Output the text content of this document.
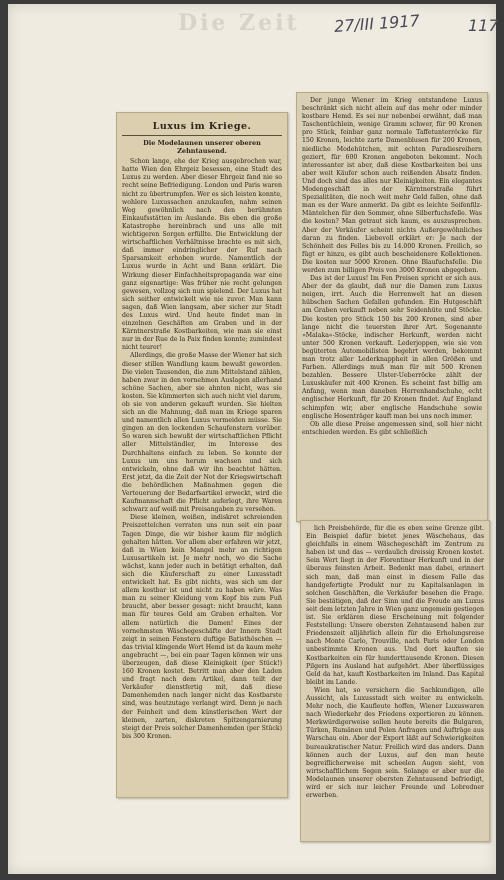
Die Zeit 27/III 1917	117
Luxus im Kriege.
Die Modelaunen unserer oberen Zehntausend.

Schon lange, ehe der Krieg ausgebrochen war, hatte Wien den Ehrgeiz besessen, eine Stadt des Luxus zu werden. Aber dieser Ehrgeiz fand nie so recht seine Befriedigung. London und Paris waren nicht zu übertrumpfen. Wer es sich leisten konnte, wohlere Luxussachen anzukaufen, nahm seinen Weg gewöhnlich nach den berühmten Einkaufsstätten im Auslande. Bis eben die große Katastrophe hereinbrach und uns alle mit wichtigeren Sorgen erfüllte. Die Entwicklung der wirtschaftlichen Verhältnisse brachte es mit sich, daß immer eindringlicher der Ruf nach Sparsamkeit erhoben wurde. Namentlich der Luxus wurde in Acht und Bann erklärt. Die Wirkung dieser Einfachheitspropaganda war eine ganz eigenartige: Was früher nie recht gelungen gewesen, vollzog sich nun spielend. Der Luxus hat sich seither entwickelt wie nie zuvor. Man kann sagen, daß Wien langsam, aber sicher zur Stadt des Luxus wird. Und heute findet man in einzelnen Geschäften am Graben und in der Kärntnerstraße Kostbarkeiten, wie man sie einst nur in der Rue de la Paix finden konnte; zumindest nicht teurer!

Allerdings, die große Masse der Wiener hat sich dieser stillen Wandlung kaum bewußt geworden. Die vielen Tausenden, die zum Mittelstand zählen, haben zwar in den vornehmen Auslagen allerhand schöne Sachen, aber sie ahnten nicht, was sie kosten. Sie kümmerten sich auch nicht viel darum, ob sie von anderen gekauft wurden. Sie hielten sich an die Mahnung, daß man im Kriege sparen und namentlich allen Luxus vermeiden müsse. Sie gingen an den lockenden Schaufenstern vorüber. So waren sich bewußt der wirtschaftlichen Pflicht aller Mittelständler, im Interesse des Durchhaltens einfach zu leben. So konnte der Luxus um uns herum wachsen und sich entwickeln, ohne daß wir ihn beachtet hätten. Erst jetzt, da die Zeit der Not der Kriegswirtschaft die behördlichen Maßnahmen gegen die Verteuerung der Bedarfsartikel erweckt, wird die Kaufmannschaft die Pflicht auferlegt, ihre Waren schwarz auf weiß mit Preisangaben zu versehen.

Diese kleinen, weißen, indiskret schreienden Preiszettelchen verraten uns nun seit ein paar Tagen Dinge, die wir bisher kaum für möglich gehalten hätten. Vor allem aber erfahren wir jetzt, daß in Wien kein Mangel mehr an richtigen Luxusartikeln ist. Je mehr noch, wo die Sache wächst, kann jeder auch in betätigt erhalten, daß sich die Käuferschaft zu einer Luxusstadt entwickelt hat. Es gibt nichts, was sich um der allem kostbar ist und nicht zu haben wäre. Was man zu seiner Kleidung vom Kopf bis zum Fuß braucht, aber besser gesagt: nicht braucht, kann man für teures Geld am Graben erhalten. Vor allem natürlich die Damen! Eines der vornehmsten Wäschegeschäfte der Innern Stadt zeigt in seinen Fenstern duftige Batisthöschen — das trivial klingende Wort Hemd ist da kaum mehr angebracht —, bei ein paar Tagen können wir uns überzeugen, daß diese Kleinigkeit (per Stück!) 160 Kronen kostet. Betritt man aber den Laden und fragt nach dem Artikel, dann teilt der Verkäufer dienstfertig mit, daß diese Damenhemden nach langer nicht das Kostbarste sind, was heutzutage verlangt wird. Denn je nach der Feinheit und dem künstlerischen Wert der kleinen, zarten, diskreten Spitzengarnierung steigt der Preis solcher Damenhemden (per Stück) bis 300 Kronen.

Der junge Wiener im Krieg entstandene Luxus beschränkt sich nicht allein auf das mehr oder minder kostbare Hemd. Es sei nur nebenbei erwähnt, daß man Taschentüchlein, wenige Gramm schwer, für 90 Kronen pro Stück, feinbar ganz normale Taffetunterröcke für 150 Kronen, leichte zarte Damenblusen für 200 Kronen, niedliche Modehütchen, mit echten Paradiesreihern geziert, für 600 Kronen angeboten bekommt. Noch interessanter ist aber, daß diese Kostbarkeiten bei uns aber weit Käufer schon auch reißenden Absatz finden. Und doch sind das alles nur Kleinigkeiten. Ein elegantes Modengeschäft in der Kärntnerstraße führt Spezialitäten, die noch weit mehr Geld fallen, ohne daß man es der Ware anmerkt. Da gibt es leichte Seifenfilz-Mäntelchen für den Sommer, ohne Silberfuchsfelle. Was die kosten? Man getraut sich kaum, es auszusprechen. Aber der Verkäufer scheint nichts Außergewöhnliches daran zu finden. Liebevoll erklärt er: Je nach der Schönheit des Felles bis zu 14.000 Kronen. Freilich, so fügt er hinzu, es gibt auch bescheidenere Kollektionen. Die kosten nur 5000 Kronen. Ohne Blaufuchsfelle. Die werden zum billigen Preis von 3000 Kronen abgegeben.

Das ist der Luxus! Im Fen Preisen spricht er sich aus. Aber der da glaubt, daß nur die Damen zum Luxus neigen, irrt. Auch die Herrenwelt hat an diesen hübschen Sachen Gefallen gefunden. Ein Hutgeschäft am Graben verkauft neben sehr Seidenhüte und Stöcke. Die kosten pro Stück 150 bis 200 Kronen, sind aber lange nicht die teuersten ihrer Art. Sogenannte »Malaka«-Stöcke, indischer Herkunft, werden nicht unter 500 Kronen verkauft. Lederjoppen, wie sie von begüterten Automobilisten begehrt werden, bekommt man trotz aller Lederknappheit in allen Größen und Farben. Allerdings muß man für mit 500 Kronen bezahlen. Bessere Ulster-Ueberröcke zählt der Luxuskäufer mit 400 Kronen. Es scheint fast billig am Anfang, wenn man daneben Herrenhandschuhe, echt englischer Herkunft, für 20 Kronen findet. Auf England schimpfen wir, aber englische Handschuhe sowie englische Hosenträger kauft man bei uns noch immer.

Ob alle diese Preise angemessen sind, soll hier nicht entschieden werden. Es gibt schließlich

lich Preisbehörde, für die es eben seine Grenze gibt. Ein Beispiel dafür bietet jenes Wäschehaus, das gleichfalls in einem Wäschegeschäft im Zentrum zu haben ist und das — verdaulich dreissig Kronen kostet. Sein Wert liegt in der Florentiner Herkunft und in der überaus feinsten Arbeit. Bedenkt man dabei, erinnert sich man, daß man einst in diesem Falle das handgefertigte Produkt nur zu Kapitalsanlagen in solchen Geschäften, die Verkäufer besehen die Frage. Sie bestätigen, daß der Sinn und die Freude am Luxus seit dem letzten Jahre in Wien ganz ungemein gestiegen ist. Sie erklären diese Erscheinung mit folgender Feststellung: Unsere obersten Zehntausend haben zur Friedenszeit alljährlich allein für die Erholungsreise nach Monte Carlo, Trouville, nach Paris oder London unbestimmte Kronen aus. Und dort kauften sie Kostbarkeiten ein für hunderttausende Kronen. Diesen Pilgern ins Ausland hat aufgehört. Aber überflüssiges Geld da hat, kauft Kostbarkeiten im Inland. Das Kapital bleibt im Lande.

Wien hat, so versichern die Sachkundigen, alle Aussicht, als Luxusstadt sich weiter zu entwickeln. Mehr noch, die Kaufleute hoffen, Wiener Luxuswaren nach Wiederkehr des Friedens exportieren zu können. Merkwürdigerweise sollen heute bereits die Bulgaren, Türken, Rumänen und Polen Anfragen und Aufträge aus Warschau ein. Aber der Export läßt auf Schwierigkeiten bureaukratischer Natur. Freilich wird das anders. Dann können auch der Luxus, auf den man heute begreiflicherweise mit scheelen Augen sieht, von wirtschaftlichem Segen sein. Solange er aber nur die Modelaunen unserer obersten Zehntausend befriedigt, wird er sich nur leicher Freunde und Lobredner erwerben.
